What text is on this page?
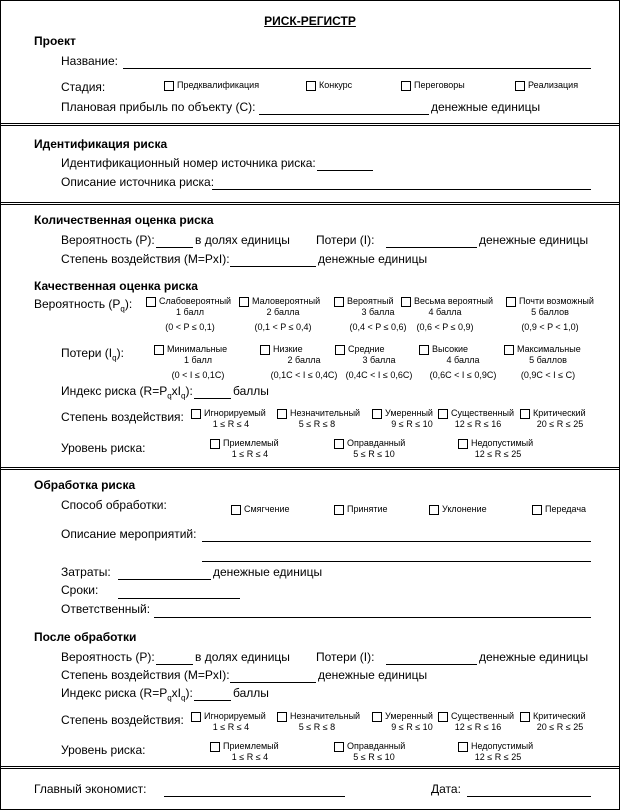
РИСК-РЕГИСТР
Проект
Название:
Стадия:	Предквалификация	Конкурс	Переговоры	Реализация
Плановая прибыль по объекту (С):	денежные единицы
Идентификация риска
Идентификационный номер источника риска:
Описание источника риска:
Количественная оценка риска
Вероятность (P):	в долях единицы Потери (I):	денежные единицы
Степень воздействия (M=PxI):	денежные единицы
Качественная оценка риска
Вероятность $(P_q)$:	Слабовероятный
1 балл
(0 < P ≤ 0,1)
Маловероятный
2 балла
(0,1 < P ≤ 0,4)
Вероятный
3 балла
(0,4 < P ≤ 0,6)
Весьма вероятный
4 балла
(0,6 < P ≤ 0,9)
Почти возможный
5 баллов
(0,9 < P < 1,0)
Потери $(I_q)$:	Минимальные
1 балл
(0 < I ≤ 0,1C)
Низкие
2 балла
(0,1C < I ≤ 0,4C)
Средние
3 балла
(0,4C < I ≤ 0,6C)
Высокие
4 балла
(0,6C < I ≤ 0,9C)
Максимальные
5 баллов
(0,9C < I ≤ C)
Индекс риска $(R=P_qxI_q)$:	баллы
Степень воздействия: Игнорируемый
1 ≤ R ≤ 4
Незначительный
5 ≤ R ≤ 8
Умеренный
9 ≤ R ≤ 10
Существенный
12 ≤ R ≤ 16
Критический
20 ≤ R ≤ 25
Уровень риска:	Приемлемый
1 ≤ R ≤ 4
Оправданный
5 ≤ R ≤ 10
Недопустимый
12 ≤ R ≤ 25
Обработка риска
Способ обработки:	Смягчение	Принятие	Уклонение	Передача
Описание мероприятий:
Затраты:	денежные единицы
Сроки:
Ответственный:
После обработки
Вероятность (P):	в долях единицы Потери (I):	денежные единицы
Степень воздействия (M=PxI):	денежные единицы
Индекс риска $(R=P_qxI_q)$:	баллы
Степень воздействия: Игнорируемый
1 ≤ R ≤ 4
Незначительный
5 ≤ R ≤ 8
Умеренный
9 ≤ R ≤ 10
Существенный
12 ≤ R ≤ 16
Критический
20 ≤ R ≤ 25
Уровень риска:	Приемлемый
1 ≤ R ≤ 4
Оправданный
5 ≤ R ≤ 10
Недопустимый
12 ≤ R ≤ 25
Главный экономист:	Дата:
